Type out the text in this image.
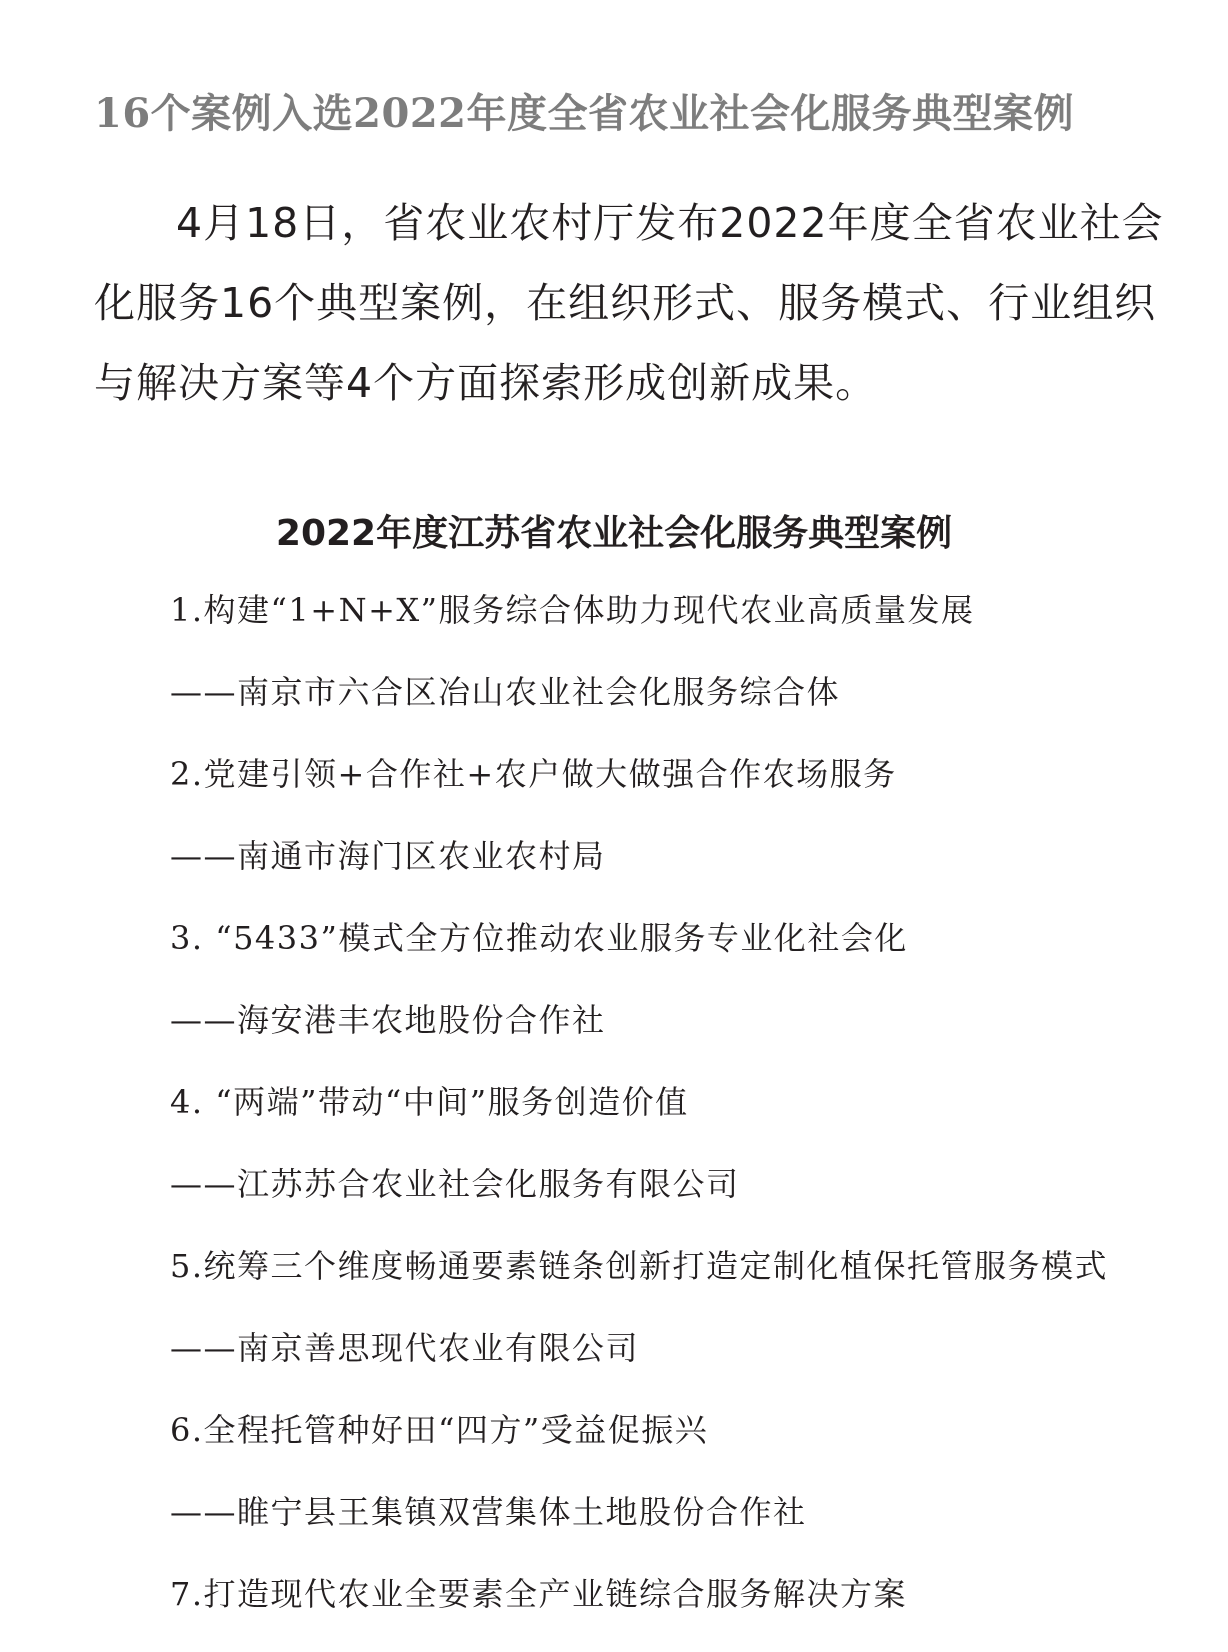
16个案例入选2022年度全省农业社会化服务典型案例

4月18日，省农业农村厅发布2022年度全省农业社会化服务16个典型案例，在组织形式、服务模式、行业组织与解决方案等4个方面探索形成创新成果。

2022年度江苏省农业社会化服务典型案例
1.构建“1+N+X”服务综合体助力现代农业高质量发展
——南京市六合区冶山农业社会化服务综合体
2.党建引领+合作社+农户做大做强合作农场服务
——南通市海门区农业农村局
3. “5433”模式全方位推动农业服务专业化社会化
——海安港丰农地股份合作社
4. “两端”带动“中间”服务创造价值
——江苏苏合农业社会化服务有限公司
5.统筹三个维度畅通要素链条创新打造定制化植保托管服务模式
——南京善思现代农业有限公司
6.全程托管种好田“四方”受益促振兴
——睢宁县王集镇双营集体土地股份合作社
7.打造现代农业全要素全产业链综合服务解决方案
